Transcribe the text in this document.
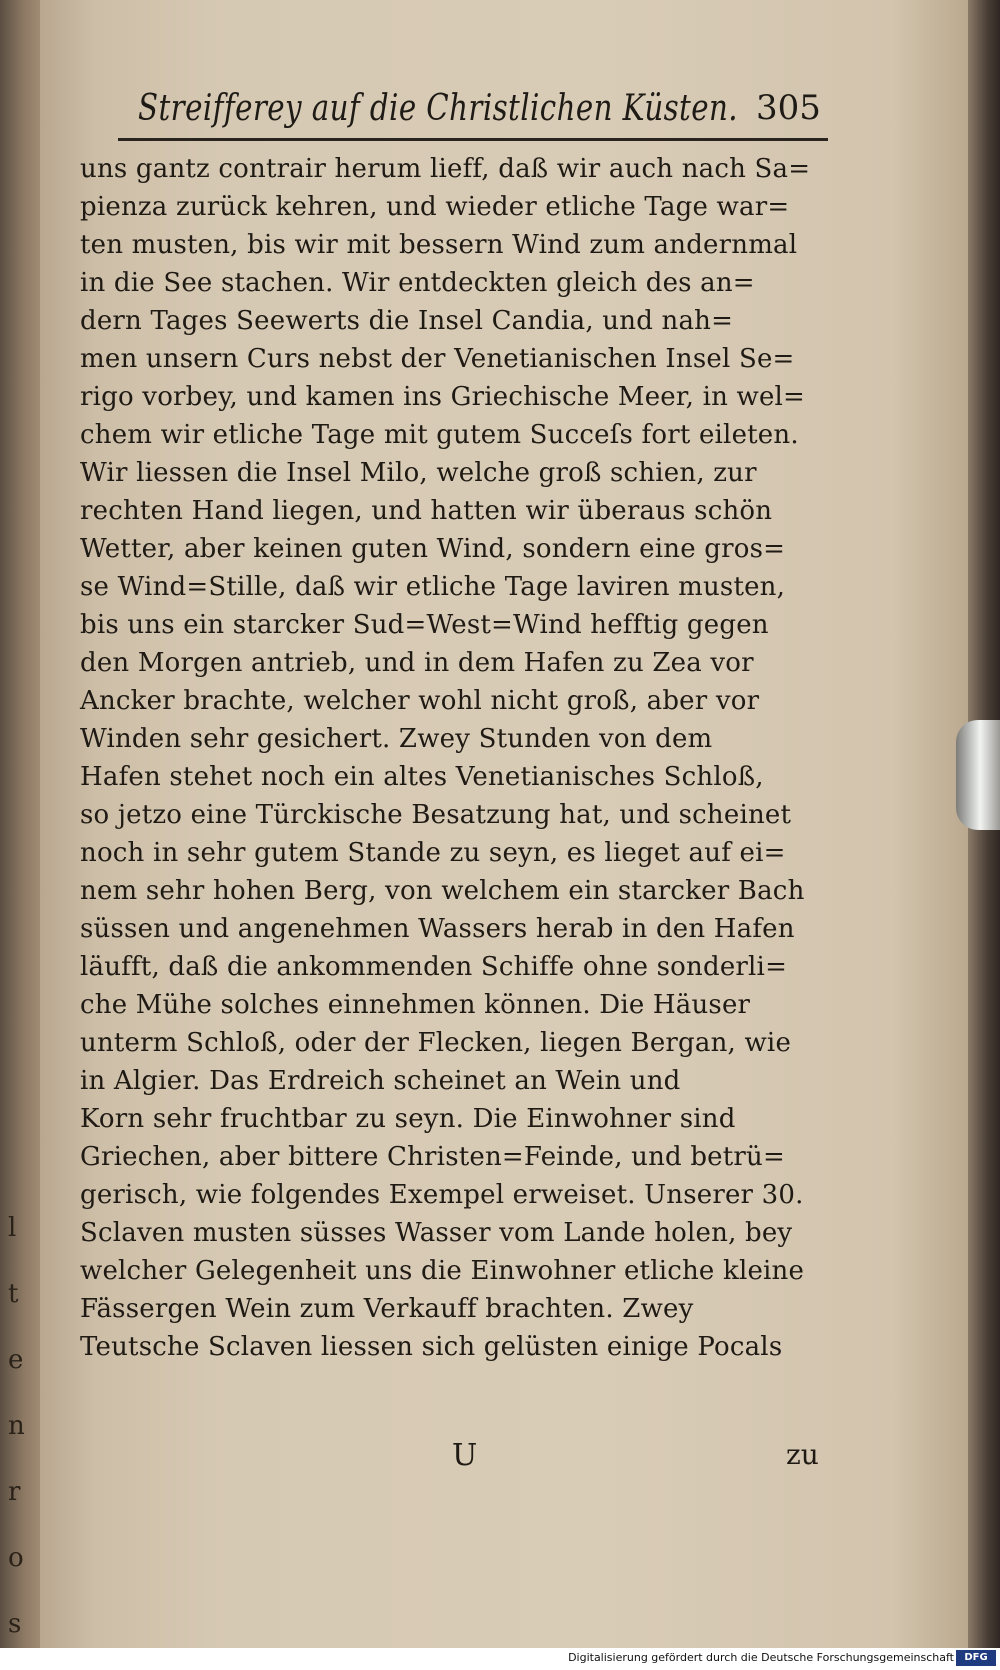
l
t
e
n
r
o
s
Streifferey auf die Christlichen Küsten. 305
uns gantz contrair herum lieff, daß wir auch nach Sa=
pienza zurück kehren, und wieder etliche Tage war=
ten musten, bis wir mit bessern Wind zum andernmal
in die See stachen. Wir entdeckten gleich des an=
dern Tages Seewerts die Insel Candia, und nah=
men unsern Curs nebst der Venetianischen Insel Se=
rigo vorbey, und kamen ins Griechische Meer, in wel=
chem wir etliche Tage mit gutem Succeſs fort eileten.
Wir liessen die Insel Milo, welche groß schien, zur
rechten Hand liegen, und hatten wir überaus schön
Wetter, aber keinen guten Wind, sondern eine gros=
se Wind=Stille, daß wir etliche Tage laviren musten,
bis uns ein starcker Sud=West=Wind hefftig gegen
den Morgen antrieb, und in dem Hafen zu Zea vor
Ancker brachte, welcher wohl nicht groß, aber vor
Winden sehr gesichert. Zwey Stunden von dem
Hafen stehet noch ein altes Venetianisches Schloß,
so jetzo eine Türckische Besatzung hat, und scheinet
noch in sehr gutem Stande zu seyn, es lieget auf ei=
nem sehr hohen Berg, von welchem ein starcker Bach
süssen und angenehmen Wassers herab in den Hafen
läufft, daß die ankommenden Schiffe ohne sonderli=
che Mühe solches einnehmen können. Die Häuser
unterm Schloß, oder der Flecken, liegen Bergan, wie
in Algier. Das Erdreich scheinet an Wein und
Korn sehr fruchtbar zu seyn. Die Einwohner sind
Griechen, aber bittere Christen=Feinde, und betrü=
gerisch, wie folgendes Exempel erweiset. Unserer 30.
Sclaven musten süsses Wasser vom Lande holen, bey
welcher Gelegenheit uns die Einwohner etliche kleine
Fässergen Wein zum Verkauff brachten. Zwey
Teutsche Sclaven liessen sich gelüsten einige Pocals
U	zu
Digitalisierung gefördert durch die Deutsche Forschungsgemeinschaft	DFG
